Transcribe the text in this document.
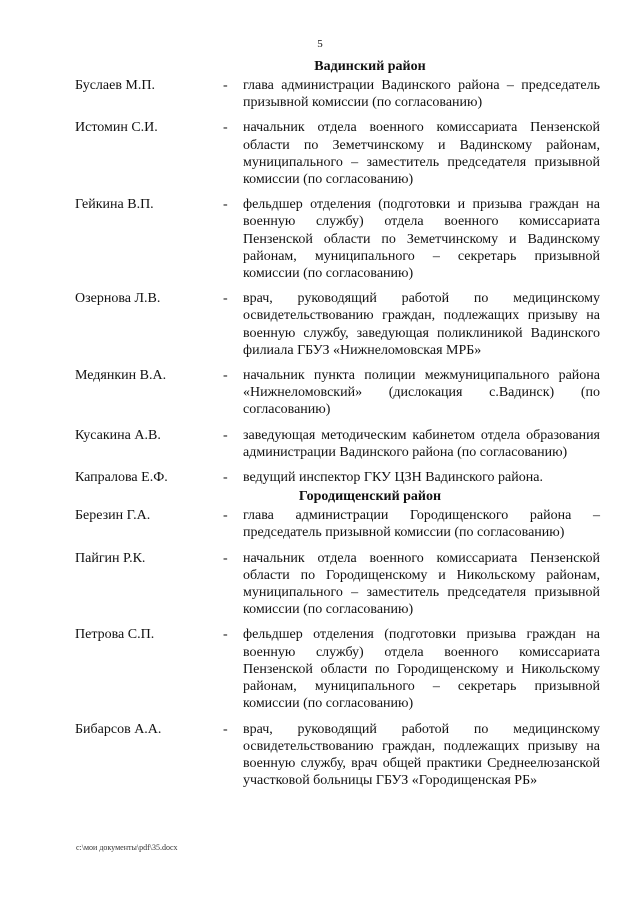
5
Вадинский район
Буслаев М.П.	-	глава администрации Вадинского района – председатель призывной комиссии (по согласованию)
Истомин С.И.	-	начальник отдела военного комиссариата Пензенской области по Земетчинскому и Вадинскому районам, муниципального – заместитель председателя призывной комиссии (по согласованию)
Гейкина В.П.	-	фельдшер отделения (подготовки и призыва граждан на военную службу) отдела военного комиссариата Пензенской области по Земетчинскому и Вадинскому районам, муниципального – секретарь призывной комиссии (по согласованию)
Озернова Л.В.	-	врач, руководящий работой по медицинскому освидетельствованию граждан, подлежащих призыву на военную службу, заведующая поликлиникой Вадинского филиала ГБУЗ «Нижнеломовская МРБ»
Медянкин В.А.	-	начальник пункта полиции межмуниципального района «Нижнеломовский» (дислокация с.Вадинск) (по согласованию)
Кусакина А.В.	-	заведующая методическим кабинетом отдела образования администрации Вадинского района (по согласованию)
Капралова Е.Ф.	-	ведущий инспектор ГКУ ЦЗН Вадинского района.
Городищенский район
Березин Г.А.	-	глава администрации Городищенского района – председатель призывной комиссии (по согласованию)
Пайгин Р.К.	-	начальник отдела военного комиссариата Пензенской области по Городищенскому и Никольскому районам, муниципального – заместитель председателя призывной комиссии (по согласованию)
Петрова С.П.	-	фельдшер отделения (подготовки призыва граждан на военную службу) отдела военного комиссариата Пензенской области по Городищенскому и Никольскому районам, муниципального – секретарь призывной комиссии (по согласованию)
Бибарсов А.А.	-	врач, руководящий работой по медицинскому освидетельствованию граждан, подлежащих призыву на военную службу, врач общей практики Среднеелюзанской участковой больницы ГБУЗ «Городищенская РБ»
c:\мои документы\pdf\35.docx
